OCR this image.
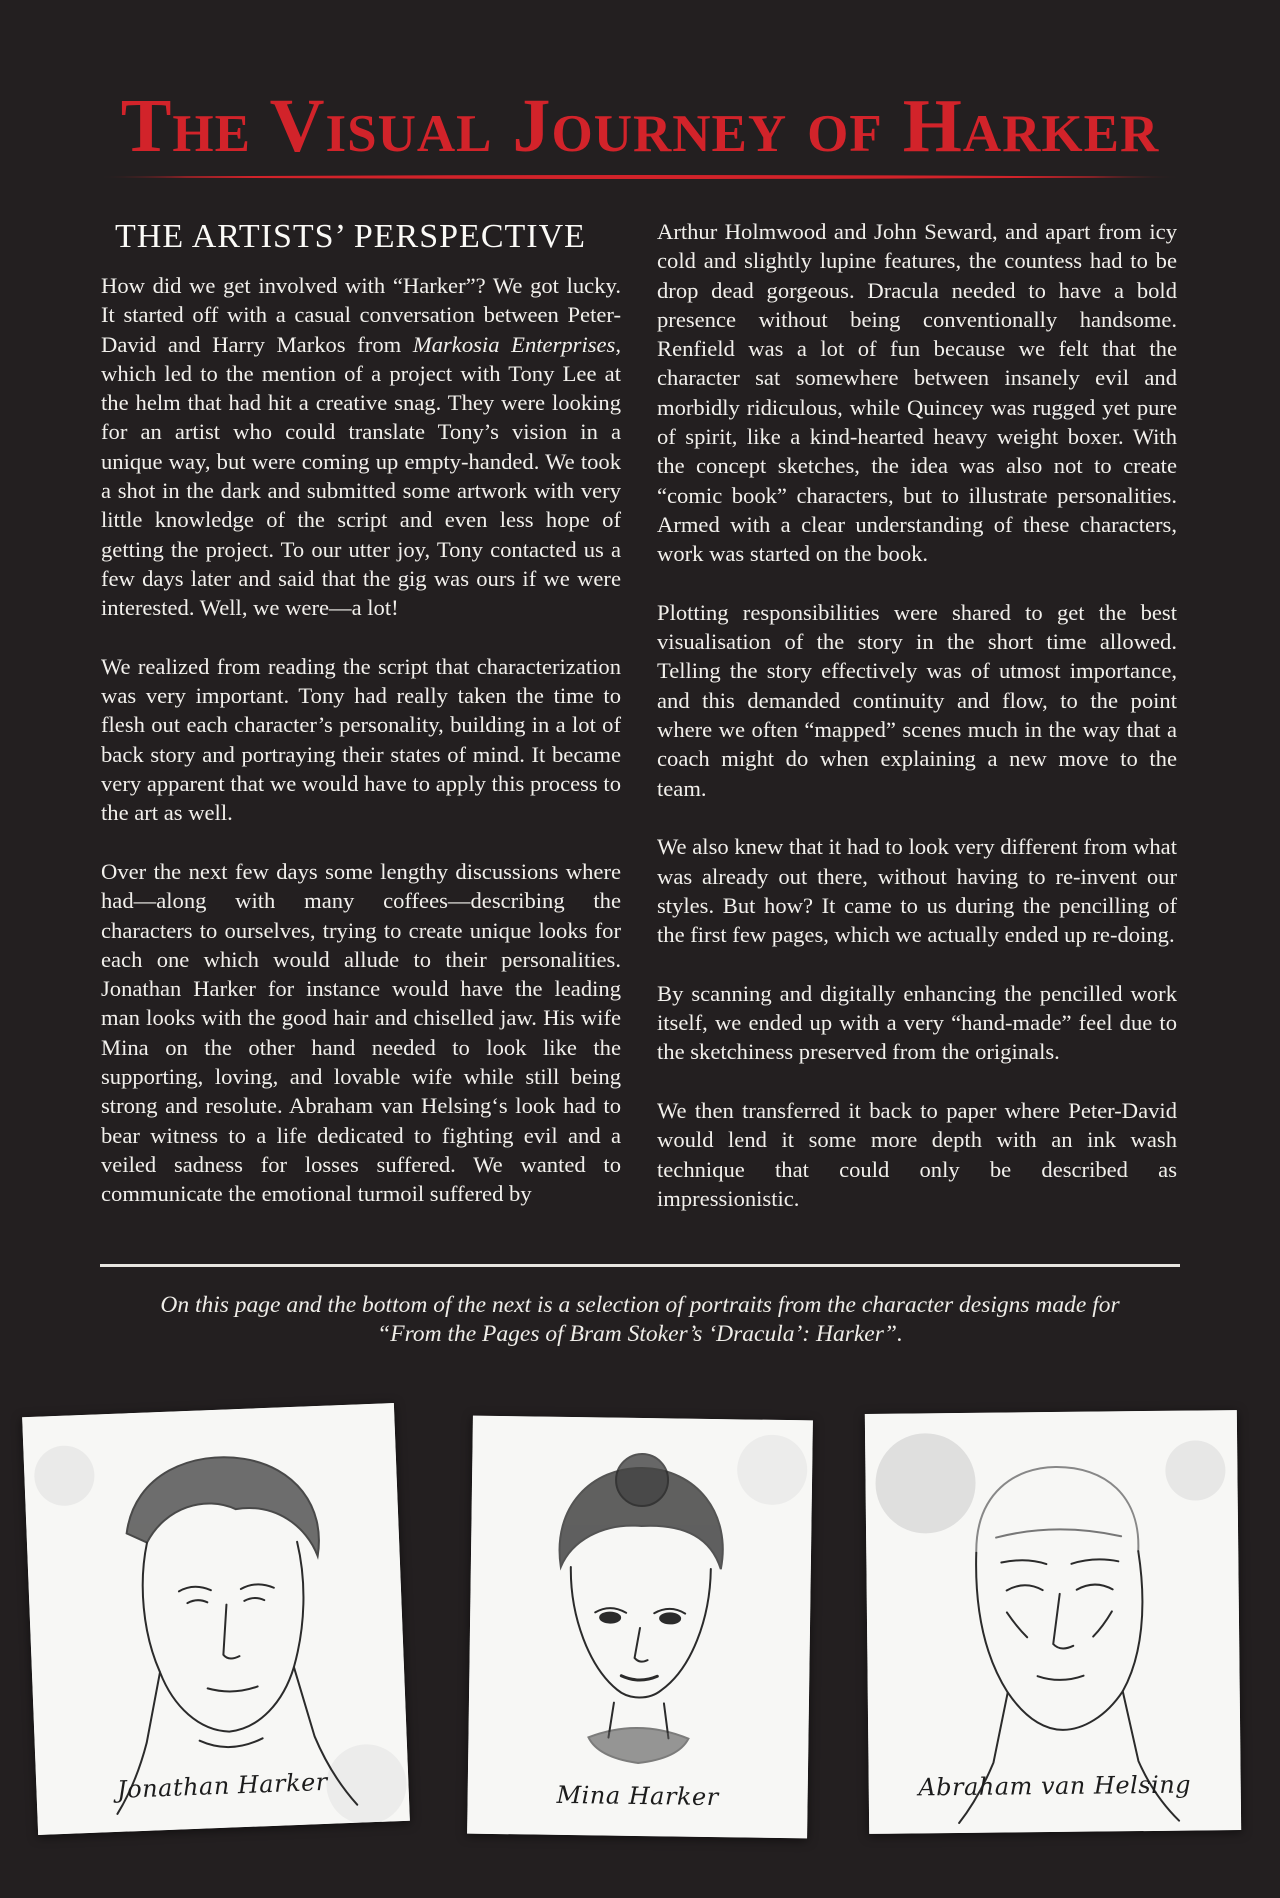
The Visual Journey of Harker
THE ARTISTS’ PERSPECTIVE

How did we get involved with “Harker”? We got lucky. It started off with a casual conversation between Peter-David and Harry Markos from Markosia Enterprises, which led to the mention of a project with Tony Lee at the helm that had hit a creative snag. They were looking for an artist who could translate Tony’s vision in a unique way, but were coming up empty-handed. We took a shot in the dark and submitted some artwork with very little knowledge of the script and even less hope of getting the project. To our utter joy, Tony contacted us a few days later and said that the gig was ours if we were interested. Well, we were—a lot!

We realized from reading the script that characterization was very important. Tony had really taken the time to flesh out each character’s personality, building in a lot of back story and portraying their states of mind. It became very apparent that we would have to apply this process to the art as well.

Over the next few days some lengthy discussions where had—along with many coffees—describing the characters to ourselves, trying to create unique looks for each one which would allude to their personalities. Jonathan Harker for instance would have the leading man looks with the good hair and chiselled jaw. His wife Mina on the other hand needed to look like the supporting, loving, and lovable wife while still being strong and resolute. Abraham van Helsing‘s look had to bear witness to a life dedicated to fighting evil and a veiled sadness for losses suffered. We wanted to communicate the emotional turmoil suffered by

Arthur Holmwood and John Seward, and apart from icy cold and slightly lupine features, the countess had to be drop dead gorgeous. Dracula needed to have a bold presence without being conventionally handsome. Renfield was a lot of fun because we felt that the character sat somewhere between insanely evil and morbidly ridiculous, while Quincey was rugged yet pure of spirit, like a kind-hearted heavy weight boxer. With the concept sketches, the idea was also not to create “comic book” characters, but to illustrate personalities. Armed with a clear understanding of these characters, work was started on the book.

Plotting responsibilities were shared to get the best visualisation of the story in the short time allowed. Telling the story effectively was of utmost importance, and this demanded continuity and flow, to the point where we often “mapped” scenes much in the way that a coach might do when explaining a new move to the team.

We also knew that it had to look very different from what was already out there, without having to re-invent our styles. But how? It came to us during the pencilling of the first few pages, which we actually ended up re-doing.

By scanning and digitally enhancing the pencilled work itself, we ended up with a very “hand-made” feel due to the sketchiness preserved from the originals.

We then transferred it back to paper where Peter-David would lend it some more depth with an ink wash technique that could only be described as impressionistic.

On this page and the bottom of the next is a selection of portraits from the character designs made for
“From the Pages of Bram Stoker’s ‘Dracula’: Harker”.
Jonathan Harker	Mina Harker	Abraham van Helsing
